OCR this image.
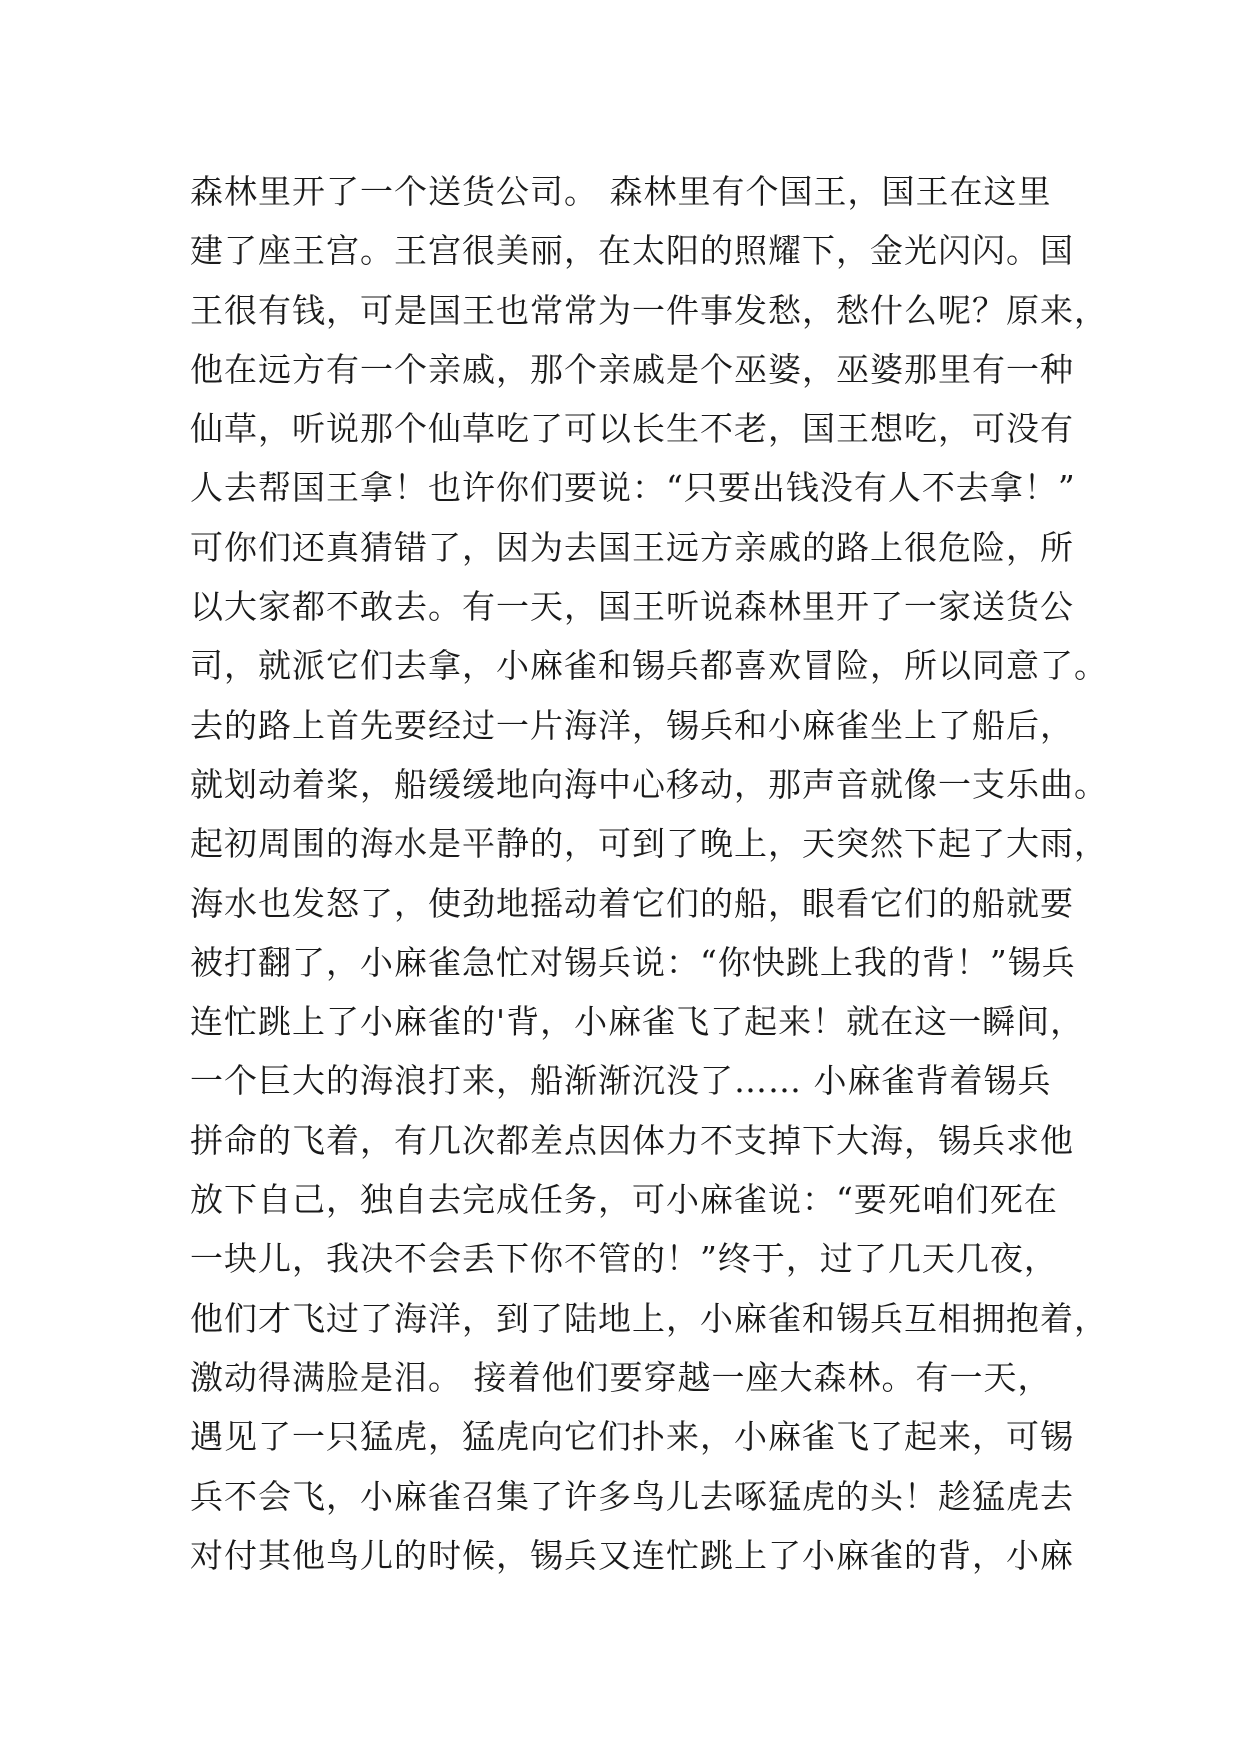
森林里开了一个送货公司。 森林里有个国王，国王在这里
建了座王宫。王宫很美丽，在太阳的照耀下，金光闪闪。国
王很有钱，可是国王也常常为一件事发愁，愁什么呢？原来，
他在远方有一个亲戚，那个亲戚是个巫婆，巫婆那里有一种
仙草，听说那个仙草吃了可以长生不老，国王想吃，可没有
人去帮国王拿！也许你们要说：“只要出钱没有人不去拿！”
可你们还真猜错了，因为去国王远方亲戚的路上很危险，所
以大家都不敢去。有一天，国王听说森林里开了一家送货公
司，就派它们去拿，小麻雀和锡兵都喜欢冒险，所以同意了。
去的路上首先要经过一片海洋，锡兵和小麻雀坐上了船后，
就划动着桨，船缓缓地向海中心移动，那声音就像一支乐曲。
起初周围的海水是平静的，可到了晚上，天突然下起了大雨，
海水也发怒了，使劲地摇动着它们的船，眼看它们的船就要
被打翻了，小麻雀急忙对锡兵说：“你快跳上我的背！”锡兵
连忙跳上了小麻雀的'背，小麻雀飞了起来！就在这一瞬间，
一个巨大的海浪打来，船渐渐沉没了…… 小麻雀背着锡兵
拼命的飞着，有几次都差点因体力不支掉下大海，锡兵求他
放下自己，独自去完成任务，可小麻雀说：“要死咱们死在
一块儿，我决不会丢下你不管的！”终于，过了几天几夜，
他们才飞过了海洋，到了陆地上，小麻雀和锡兵互相拥抱着，
激动得满脸是泪。 接着他们要穿越一座大森林。有一天，
遇见了一只猛虎，猛虎向它们扑来，小麻雀飞了起来，可锡
兵不会飞，小麻雀召集了许多鸟儿去啄猛虎的头！趁猛虎去
对付其他鸟儿的时候，锡兵又连忙跳上了小麻雀的背，小麻
